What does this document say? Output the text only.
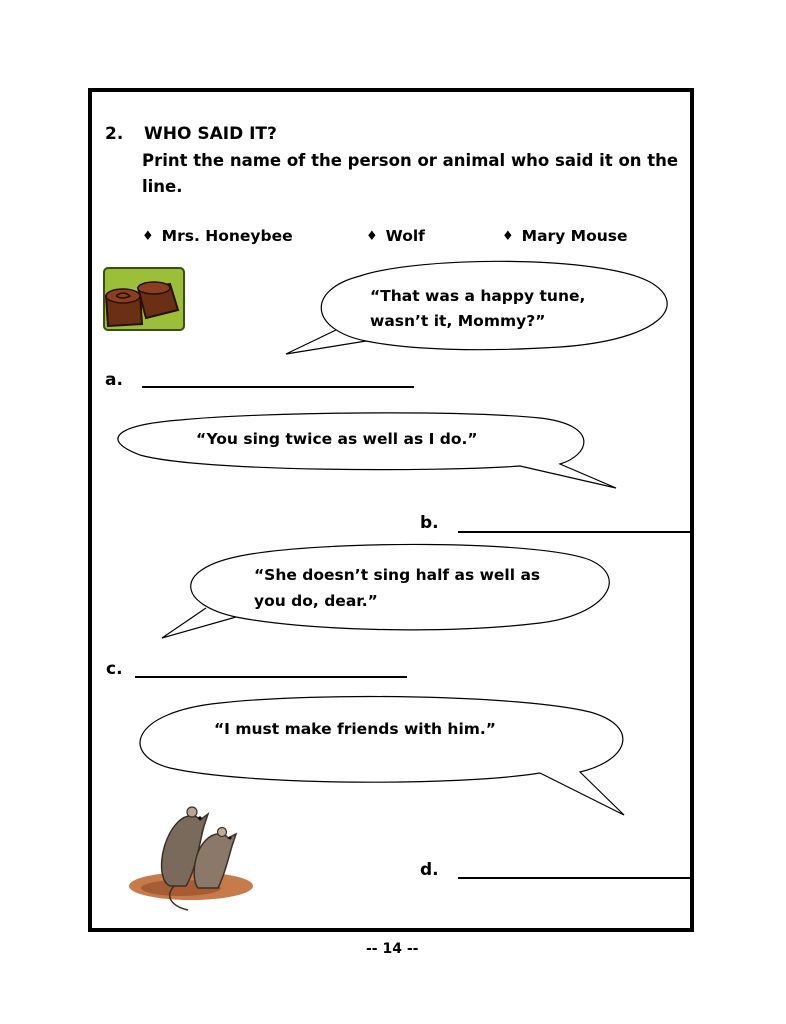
2. WHO SAID IT?
Print the name of the person or animal who said it on the
line.
♦ Mrs. Honeybee	♦ Wolf	♦ Mary Mouse
“That was a happy tune,
wasn’t it, Mommy?”
a.
“You sing twice as well as I do.”
b.
“She doesn’t sing half as well as
you do, dear.”
c.
“I must make friends with him.”
d.
-- 14 --
